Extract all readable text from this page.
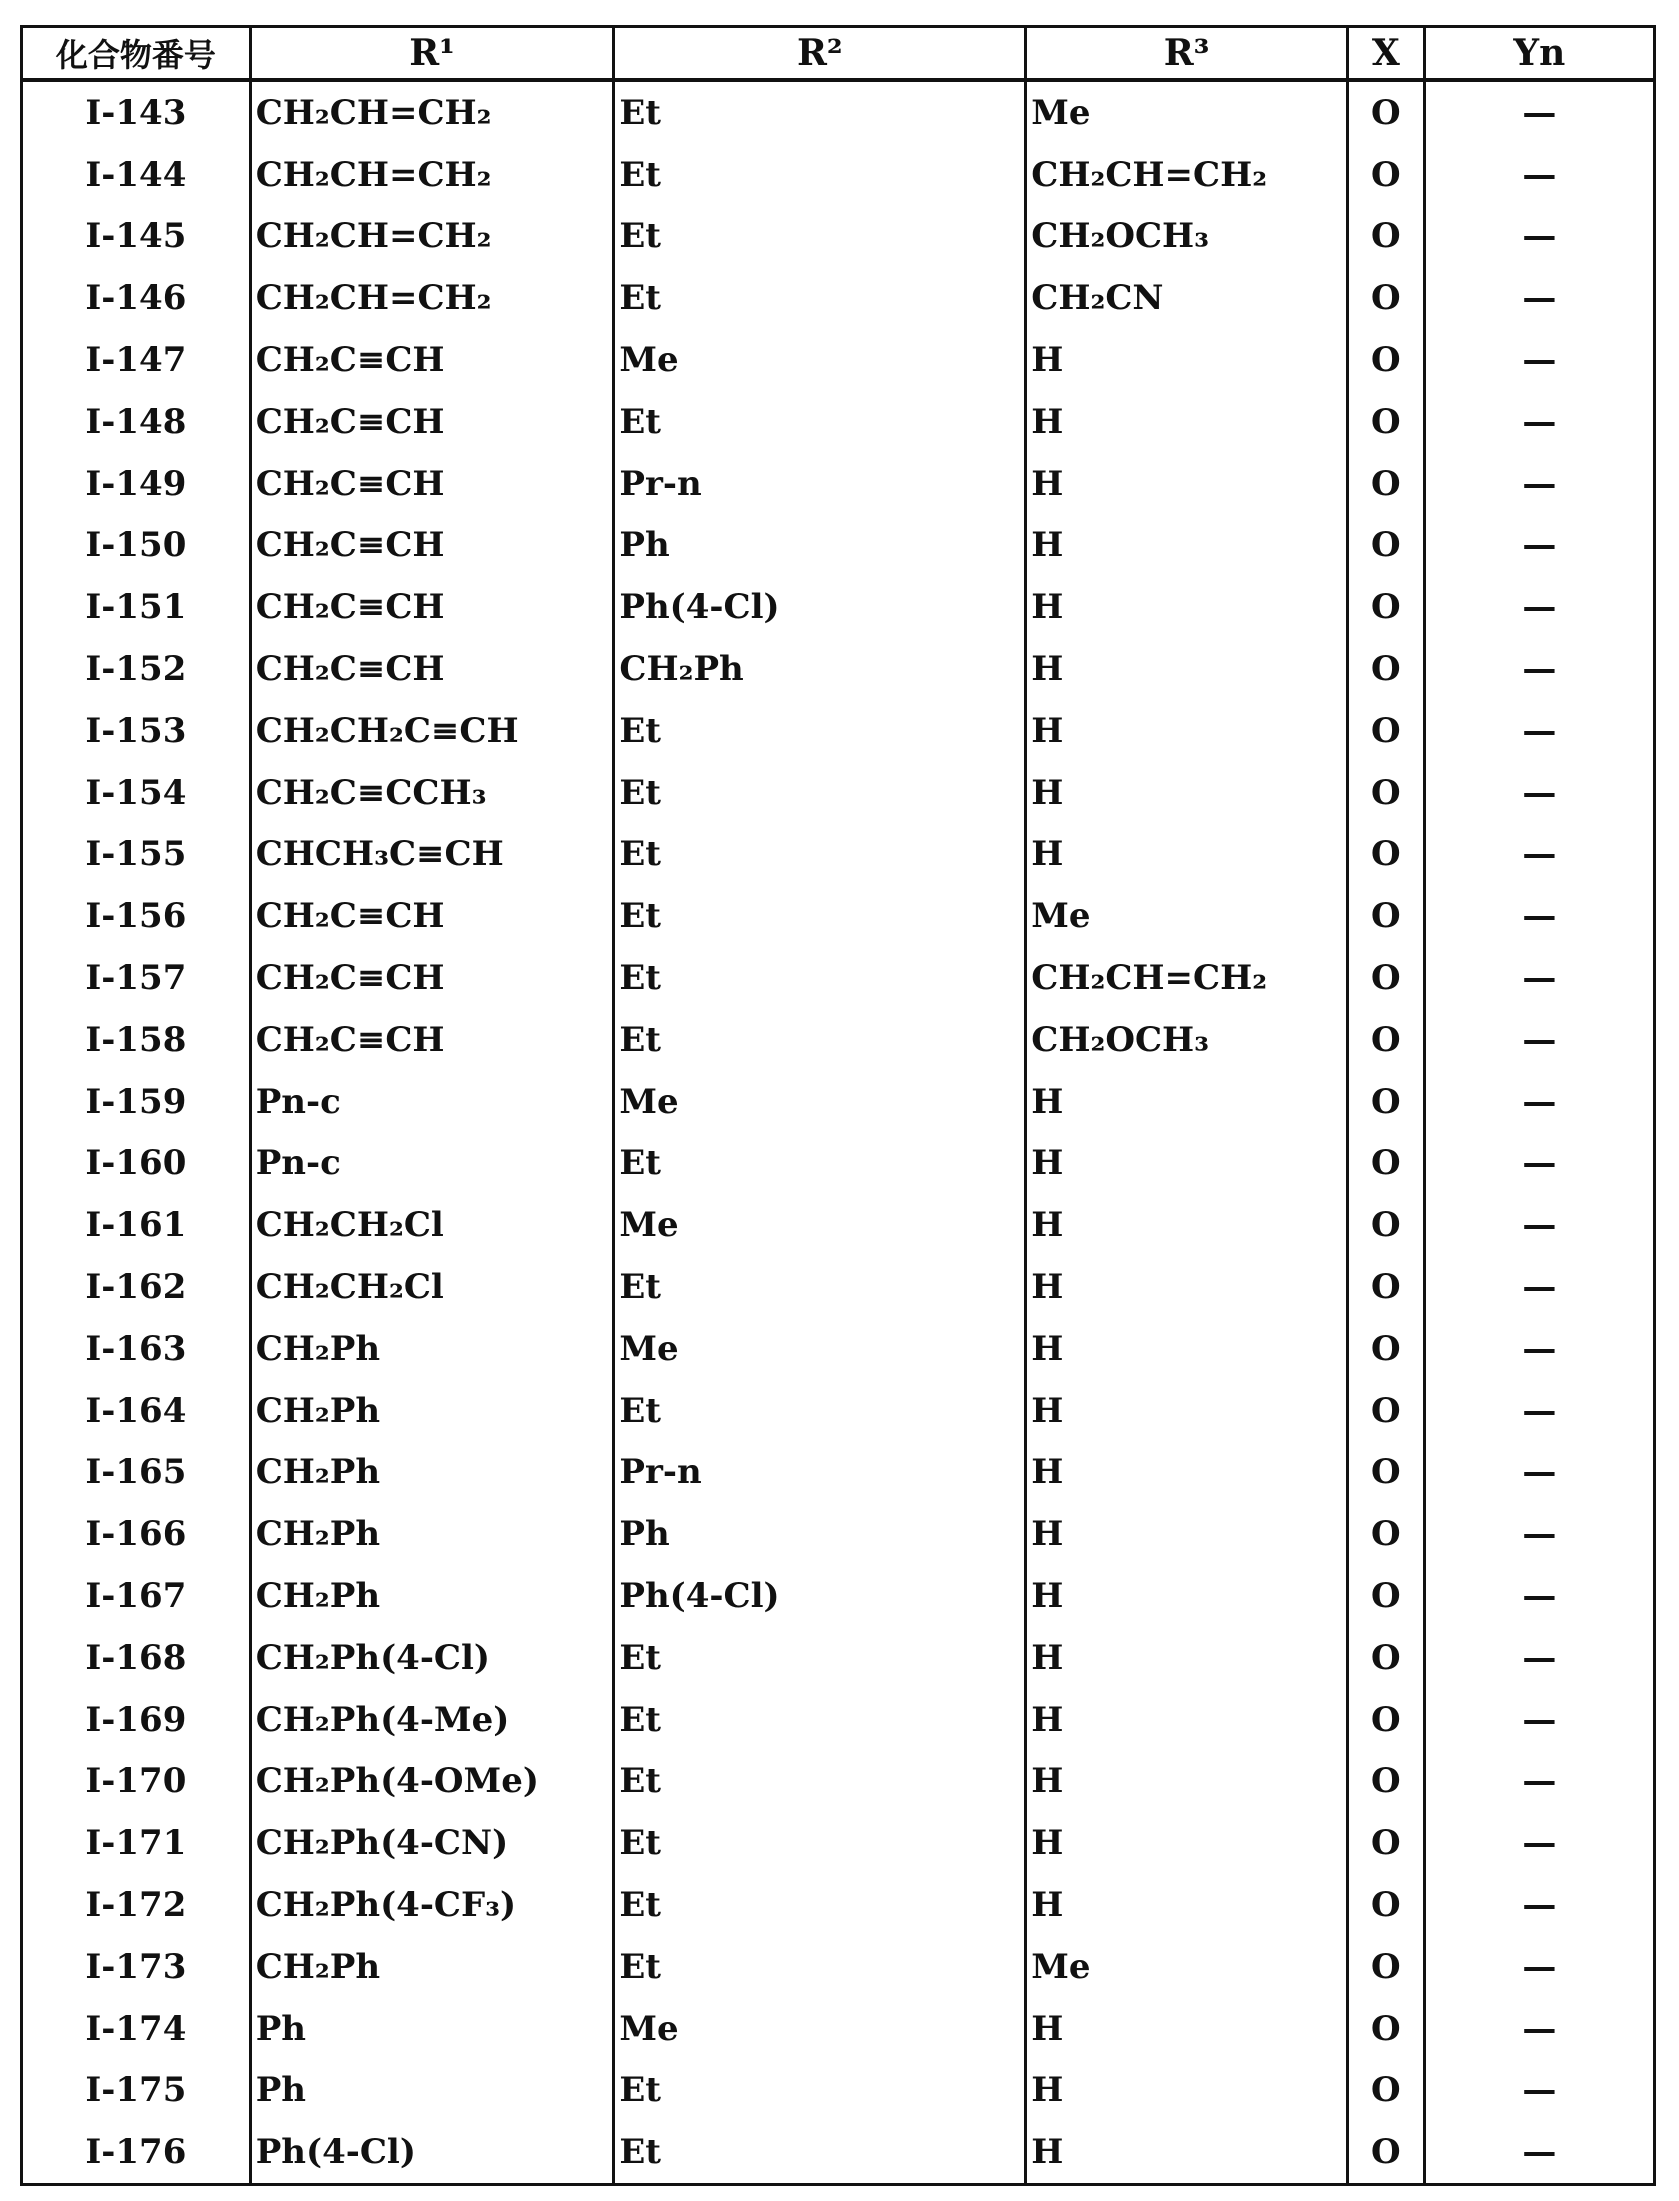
化合物番号	R¹	R²	R³	X	Yn
I-143	CH₂CH=CH₂	Et	Me	O	—
I-144	CH₂CH=CH₂	Et	CH₂CH=CH₂	O	—
I-145	CH₂CH=CH₂	Et	CH₂OCH₃	O	—
I-146	CH₂CH=CH₂	Et	CH₂CN	O	—
I-147	CH₂C≡CH	Me	H	O	—
I-148	CH₂C≡CH	Et	H	O	—
I-149	CH₂C≡CH	Pr-n	H	O	—
I-150	CH₂C≡CH	Ph	H	O	—
I-151	CH₂C≡CH	Ph(4-Cl)	H	O	—
I-152	CH₂C≡CH	CH₂Ph	H	O	—
I-153	CH₂CH₂C≡CH	Et	H	O	—
I-154	CH₂C≡CCH₃	Et	H	O	—
I-155	CHCH₃C≡CH	Et	H	O	—
I-156	CH₂C≡CH	Et	Me	O	—
I-157	CH₂C≡CH	Et	CH₂CH=CH₂	O	—
I-158	CH₂C≡CH	Et	CH₂OCH₃	O	—
I-159	Pn-c	Me	H	O	—
I-160	Pn-c	Et	H	O	—
I-161	CH₂CH₂Cl	Me	H	O	—
I-162	CH₂CH₂Cl	Et	H	O	—
I-163	CH₂Ph	Me	H	O	—
I-164	CH₂Ph	Et	H	O	—
I-165	CH₂Ph	Pr-n	H	O	—
I-166	CH₂Ph	Ph	H	O	—
I-167	CH₂Ph	Ph(4-Cl)	H	O	—
I-168	CH₂Ph(4-Cl)	Et	H	O	—
I-169	CH₂Ph(4-Me)	Et	H	O	—
I-170	CH₂Ph(4-OMe)	Et	H	O	—
I-171	CH₂Ph(4-CN)	Et	H	O	—
I-172	CH₂Ph(4-CF₃)	Et	H	O	—
I-173	CH₂Ph	Et	Me	O	—
I-174	Ph	Me	H	O	—
I-175	Ph	Et	H	O	—
I-176	Ph(4-Cl)	Et	H	O	—
